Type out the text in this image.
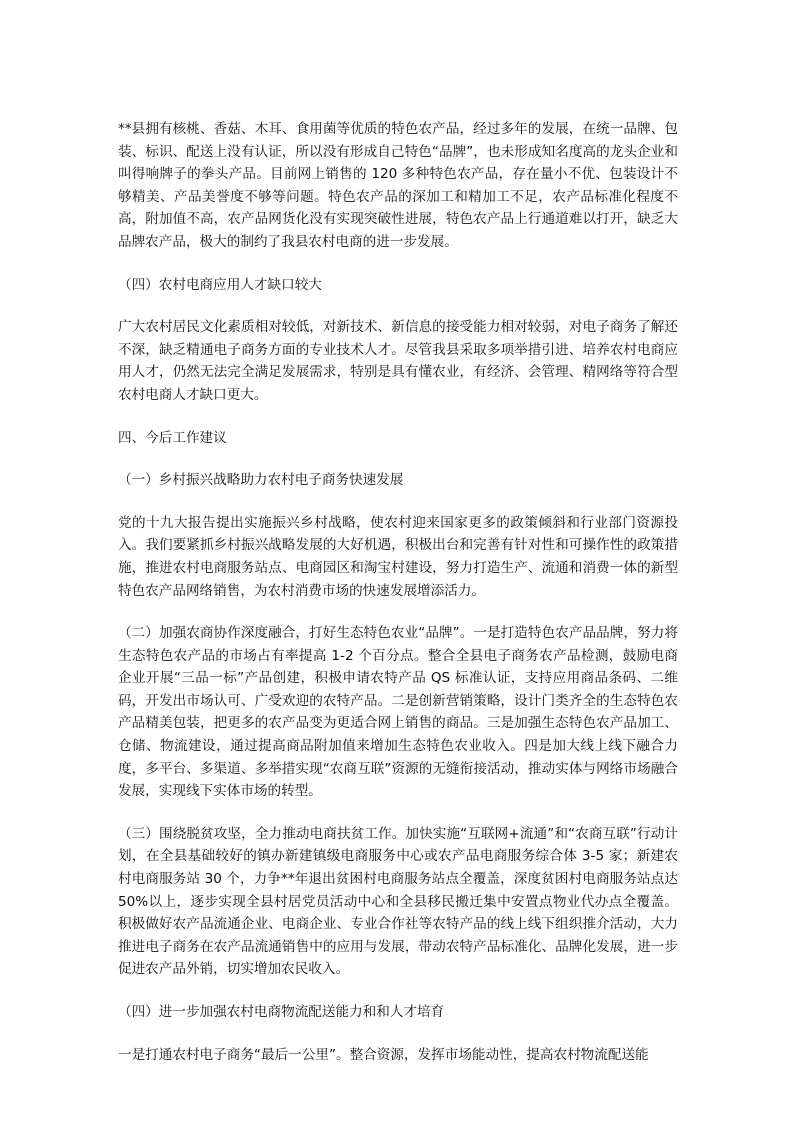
**县拥有核桃、香菇、木耳、食用菌等优质的特色农产品，经过多年的发展，在统一品牌、包装、标识、配送上没有认证，所以没有形成自己特色“品牌”，也未形成知名度高的龙头企业和叫得响牌子的拳头产品。目前网上销售的 120 多种特色农产品，存在量小不优、包装设计不够精美、产品美誉度不够等问题。特色农产品的深加工和精加工不足，农产品标准化程度不高，附加值不高，农产品网货化没有实现突破性进展，特色农产品上行通道难以打开，缺乏大品牌农产品，极大的制约了我县农村电商的进一步发展。

（四）农村电商应用人才缺口较大

广大农村居民文化素质相对较低，对新技术、新信息的接受能力相对较弱，对电子商务了解还不深，缺乏精通电子商务方面的专业技术人才。尽管我县采取多项举措引进、培养农村电商应用人才，仍然无法完全满足发展需求，特别是具有懂农业，有经济、会管理、精网络等符合型农村电商人才缺口更大。

四、今后工作建议

（一）乡村振兴战略助力农村电子商务快速发展

党的十九大报告提出实施振兴乡村战略，使农村迎来国家更多的政策倾斜和行业部门资源投入。我们要紧抓乡村振兴战略发展的大好机遇，积极出台和完善有针对性和可操作性的政策措施，推进农村电商服务站点、电商园区和淘宝村建设，努力打造生产、流通和消费一体的新型特色农产品网络销售，为农村消费市场的快速发展增添活力。

（二）加强农商协作深度融合，打好生态特色农业“品牌”。一是打造特色农产品品牌，努力将生态特色农产品的市场占有率提高 1-2 个百分点。整合全县电子商务农产品检测，鼓励电商企业开展“三品一标”产品创建，积极申请农特产品 QS 标准认证，支持应用商品条码、二维码，开发出市场认可、广受欢迎的农特产品。二是创新营销策略，设计门类齐全的生态特色农产品精美包装，把更多的农产品变为更适合网上销售的商品。三是加强生态特色农产品加工、仓储、物流建设，通过提高商品附加值来增加生态特色农业收入。四是加大线上线下融合力度，多平台、多渠道、多举措实现“农商互联”资源的无缝衔接活动，推动实体与网络市场融合发展，实现线下实体市场的转型。

（三）围绕脱贫攻坚，全力推动电商扶贫工作。加快实施“互联网+流通”和“农商互联”行动计划，在全县基础较好的镇办新建镇级电商服务中心或农产品电商服务综合体 3-5 家；新建农村电商服务站 30 个，力争**年退出贫困村电商服务站点全覆盖，深度贫困村电商服务站点达 50%以上，逐步实现全县村居党员活动中心和全县移民搬迁集中安置点物业代办点全覆盖。积极做好农产品流通企业、电商企业、专业合作社等农特产品的线上线下组织推介活动，大力推进电子商务在农产品流通销售中的应用与发展，带动农特产品标准化、品牌化发展，进一步促进农产品外销，切实增加农民收入。

（四）进一步加强农村电商物流配送能力和和人才培育

一是打通农村电子商务“最后一公里”。整合资源，发挥市场能动性，提高农村物流配送能
